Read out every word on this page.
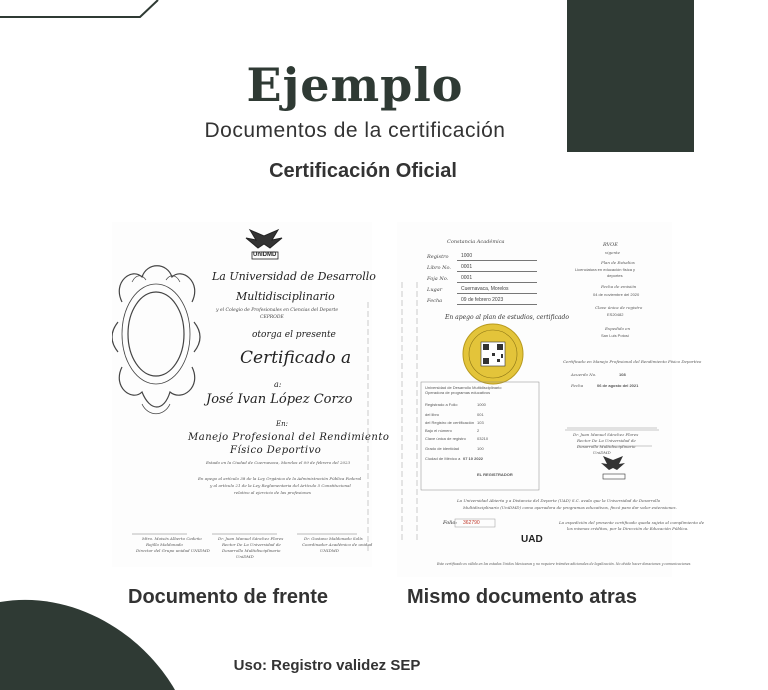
Ejemplo
Documentos de la certificación
Certificación Oficial
UniDMD
La Universidad de Desarrollo
Multidisciplinario
y el Colegio de Profesionales en Ciencias del Deporte
CEPRODE
otorga el presente
Certificado a
a:
José Ivan López Corzo
En:
Manejo Profesional del Rendimiento
Físico Deportivo
Estado en la Ciudad de Cuernavaca, Morelos el 09 de febrero del 2023
En apego al artículo 38 de la Ley Orgánica de la Administración Pública Federal
y al artículo 21 de la Ley Reglamentaria del Artículo 5 Constitucional
relativo al ejercicio de las profesiones
Mtro. Moisés Alberto Cedeño
Rojillo Maldonado
Director del Grupo unidad UNIDMD
Dr. Juan Manuel Sánchez Flores
Rector De La Universidad de
Desarrollo Multidisciplinario
UniDMD
Dr. Gustavo Maldonado Solís
Coordinador Académico de unidad
UNIDMD
Constancia Académica
Registro	1000
Libro No. 0001
Foja No.	0001
Lugar	Cuernavaca, Morelos
Fecha	09 de febrero 2023
En apego al plan de estudios, certificado
RVOE
vigente
Plan de Estudios
Licenciatura en educación física y
deportes
Fecha de emisión
04 de noviembre del 2020
Clave única de registro
ES20482
Expedido en
San Luis Potosí
Certificado en Manejo Profesional del Rendimiento Físico Deportivo
Acuerdo No.	108
Fecha	06 de agosto del 2021
Dr. Juan Manuel Sánchez Flores
Rector De La Universidad de
Desarrollo Multidisciplinario
UniDMD
Universidad de Desarrollo Multidisciplinario
Operadora de programas educativos
Registrado a Folio	1000
del libro	001
del Registro de certificación 103
Bajo el número	2
Clave única de registro	03210
Grado de identidad	100
Ciudad de México a 07 10 2022
EL REGISTRADOR
La Universidad Abierta y a Distancia del Deporte (UAD) S.C. avala que la Universidad de Desarrollo
Multidisciplinario (UniDMD) como operadora de programas educativos, fincó para dar valor extensiones.
Folio: 362790	La expedición del presente certificado queda sujeta al cumplimiento de
los mismos créditos, por la Dirección de Educación Pública.
UAD
Este certificado es válido en los estados Unidos Mexicanos y no requiere trámites adicionales de legalización. No olvide hacer donaciones y comunicaciones.
Documento de frente	Mismo documento atras
Uso: Registro validez SEP
